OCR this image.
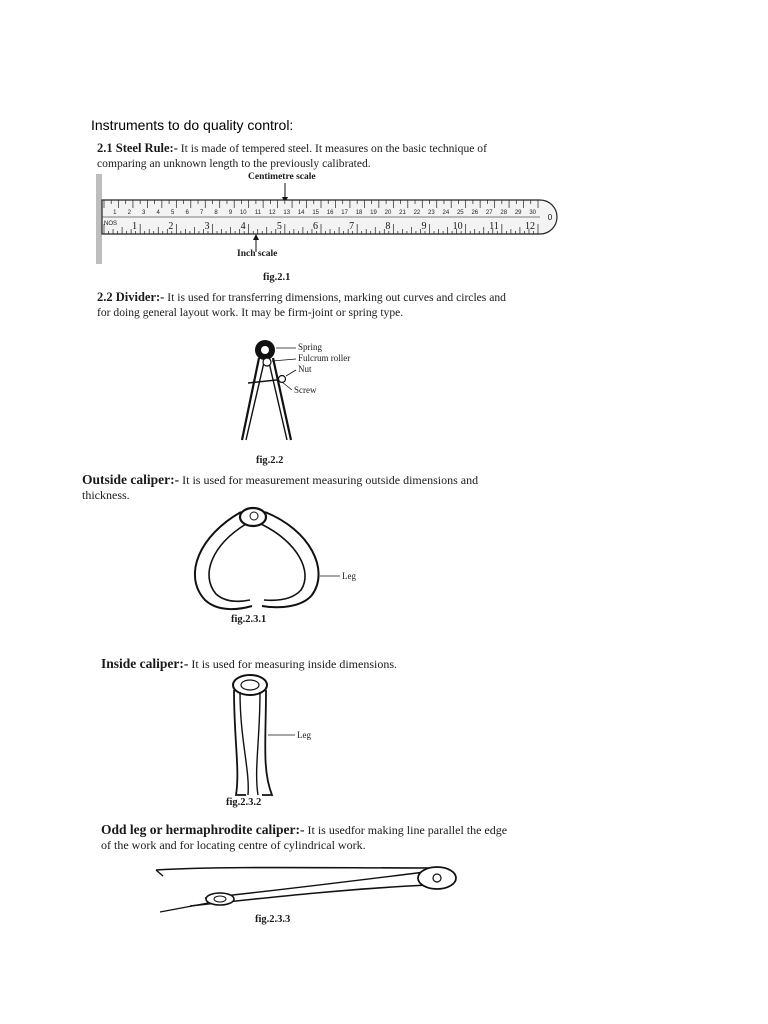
Instruments to do quality control:
2.1 Steel Rule:- It is made of tempered steel. It measures on the basic technique of
comparing an unknown length to the previously calibrated.
Centimetre scale
Inch scale
1 2 3 4 5 6 7 8 9 10 11 12 13 14 15 16 17 18 19 20 21 22 23 24 25 26 27 28 29 30
1	2	3	4	5	6	7	8	9	10	11	12
0
NOS
fig.2.1
2.2 Divider:- It is used for transferring dimensions, marking out curves and circles and
for doing general layout work. It may be firm-joint or spring type.
Spring
Fulcrum roller
Nut
Screw
fig.2.2
Outside caliper:- It is used for measurement measuring outside dimensions and
thickness.
Leg
fig.2.3.1
Inside caliper:- It is used for measuring inside dimensions.
Leg
fig.2.3.2
Odd leg or hermaphrodite caliper:- It is usedfor making line parallel the edge
of the work and for locating centre of cylindrical work.
fig.2.3.3
